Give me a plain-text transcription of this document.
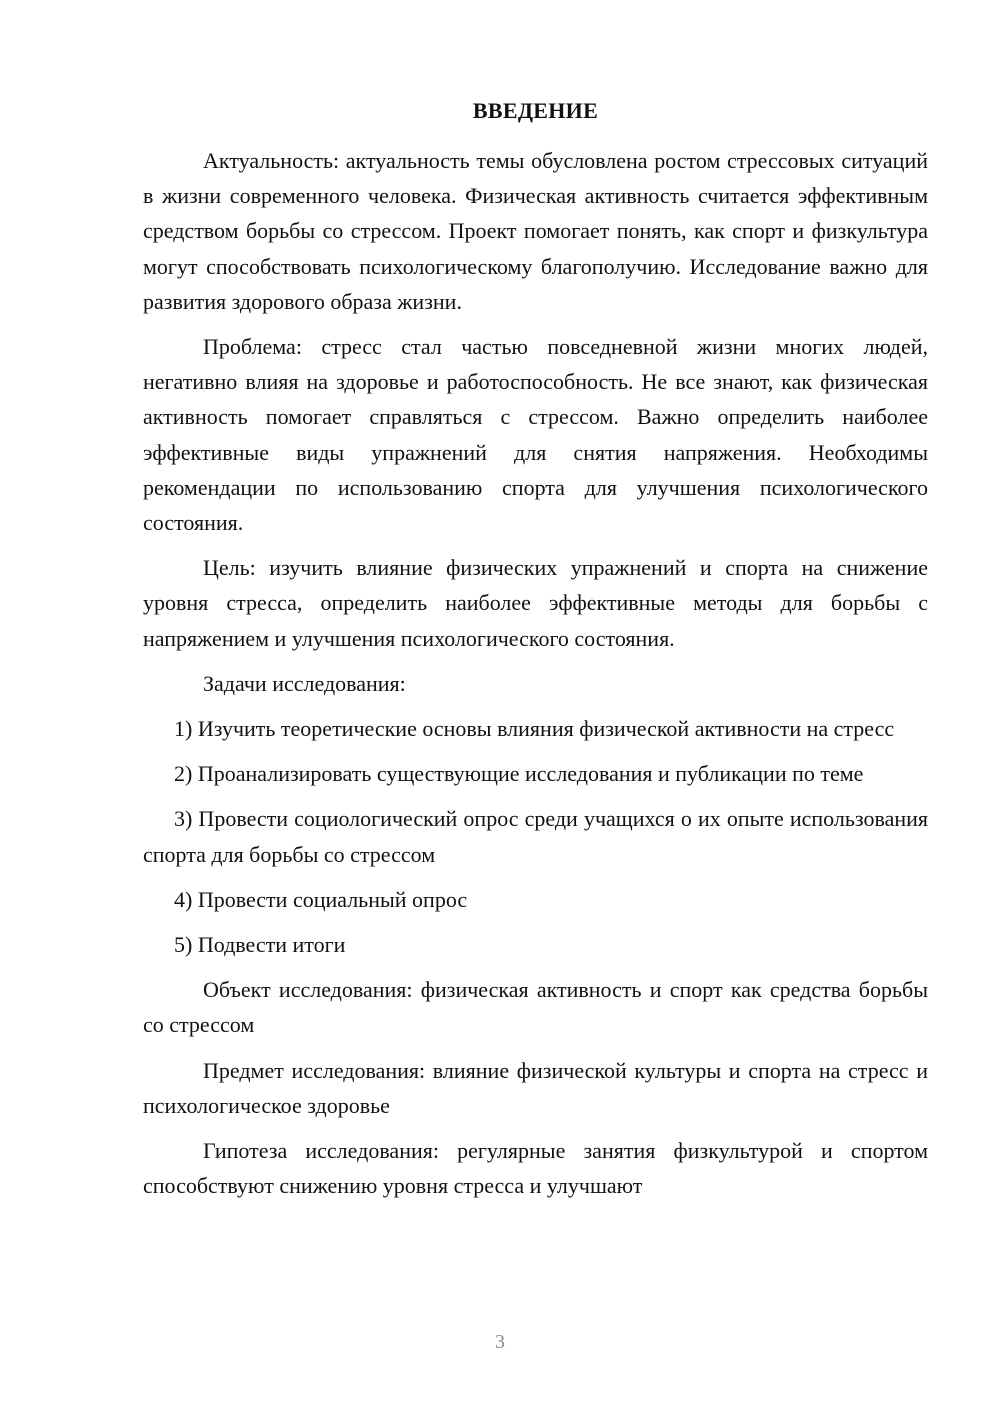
ВВЕДЕНИЕ

Актуальность: актуальность темы обусловлена ростом стрессовых ситуаций в жизни современного человека. Физическая активность считается эффективным средством борьбы со стрессом. Проект помогает понять, как спорт и физкультура могут способствовать психологическому благополучию. Исследование важно для развития здорового образа жизни.

Проблема: стресс стал частью повседневной жизни многих людей, негативно влияя на здоровье и работоспособность. Не все знают, как физическая активность помогает справляться с стрессом. Важно определить наиболее эффективные виды упражнений для снятия напряжения. Необходимы рекомендации по использованию спорта для улучшения психологического состояния.

Цель: изучить влияние физических упражнений и спорта на снижение уровня стресса, определить наиболее эффективные методы для борьбы с напряжением и улучшения психологического состояния.

Задачи исследования:

1) Изучить теоретические основы влияния физической активности на стресс

2) Проанализировать существующие исследования и публикации по теме

3) Провести социологический опрос среди учащихся о их опыте использования спорта для борьбы со стрессом

4) Провести социальный опрос

5) Подвести итоги

Объект исследования: физическая активность и спорт как средства борьбы со стрессом

Предмет исследования: влияние физической культуры и спорта на стресс и психологическое здоровье

Гипотеза исследования: регулярные занятия физкультурой и спортом способствуют снижению уровня стресса и улучшают

3
